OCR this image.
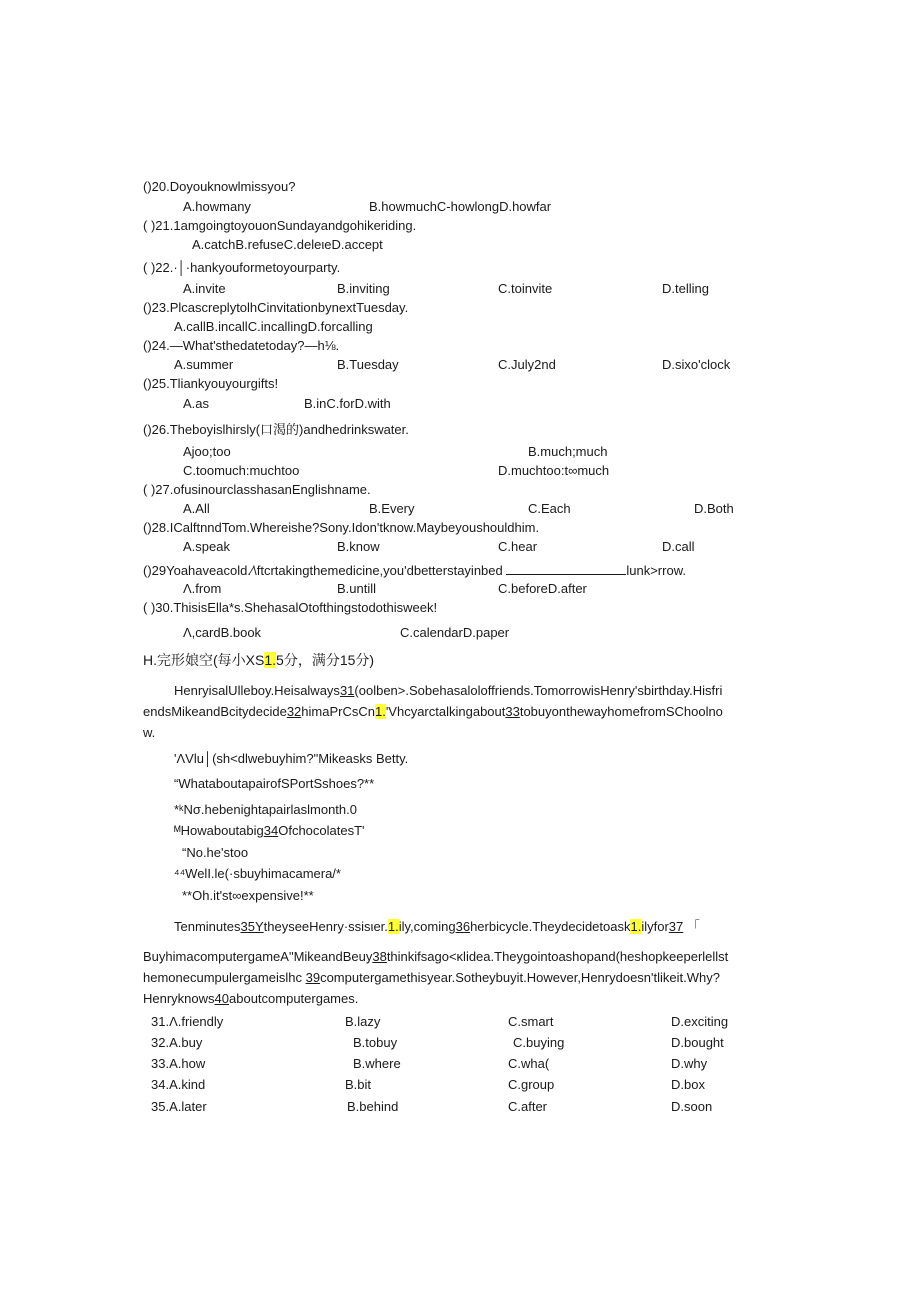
()20.Doyouknowlmissyou?
A.howmany	B.howmuchC-howlongD.howfar
( )21.1amgoingtoyouonSundayandgohikeriding.
A.catchB.refuseC.deleιeD.accept
( )22.·│·hankyouformetoyourparty.
A.invite	B.inviting	C.toinvite	D.telling
()23.PlcascreplytolhCinvitationbynextTuesday.
A.callB.incallC.incallingD.forcalling
()24.—What'sthedatetoday?—h⅛.
A.summer	B.Tuesday	C.July2nd	D.sixo'clock
()25.Tliankyouyourgifts!
A.as	B.inC.forD.with
()26.Theboyislhirsly(口渴的)andhedrinkswater.
Ajoo;too	B.much;much
C.toomuch:muchtoo	D.muchtoo:t∞much
( )27.ofusinourclasshasanEnglishname.
A.All	B.Every	C.Each	D.Both
()28.ICalftnndTom.Whereishe?Sony.Idon'tknow.Maybeyoushouldhim.
A.speak	B.know	C.hear	D.call
()29Yoahaveacold.∕\ftcrtakingthemedicine,you'dbetterstayinbed	lunk>rrow.
Λ.from	B.untill	C.beforeD.after
( )30.ThisisElla*s.ShehasalOtofthingstodothisweek!
Λ,cardB.book	C.calendarD.paper
H.完形娘空(每小XS1.5分，满分15分)
HenryisalUlleboy.Heisalways31(oolben>.Sobehasaloloffriends.TomorrowisHenry'sbirthday.Hisfri
endsMikeandBcitydecide32himaPrCsCn1.'Vhcyarctalkingabout33tobuyonthewayhomefromSChoolno
w.
'ΛVlu│(sh<dlwebuyhim?"Mikeasks Betty.
“WhataboutapairofSPortSshoes?**
*ᵏNσ.hebenightapairlaslmonth.0
ᴹHowaboutabig34OfchocolatesT'
“No.he'stoo
⁴⁴WelI.le(·sbuyhimacamera/*
**Oh.it'st∞expensive!**
Tenminutes35YtheyseeHenry·ssisιer.1.ily,coming36herbicycle.Theydecidetoask1.ilyfor37 「
BuyhimacomputergameA"MikeandBeuy38thinkifsago<κlidea.Theygointoashopand(heshopkeeperlellst
hemonecumpulergameislhc 39computergamethisyear.Sotheybuyit.However,Henrydoesn'tlikeit.Why?
Henryknows40aboutcomputergames.
31.Λ.friendly	B.lazy	C.smart	D.exciting
32.A.buy	B.tobuy	C.buying	D.bought
33.A.how	B.where	C.wha(	D.why
34.A.kind	B.bit	C.group	D.box
35.A.later	B.behind	C.after	D.soon
